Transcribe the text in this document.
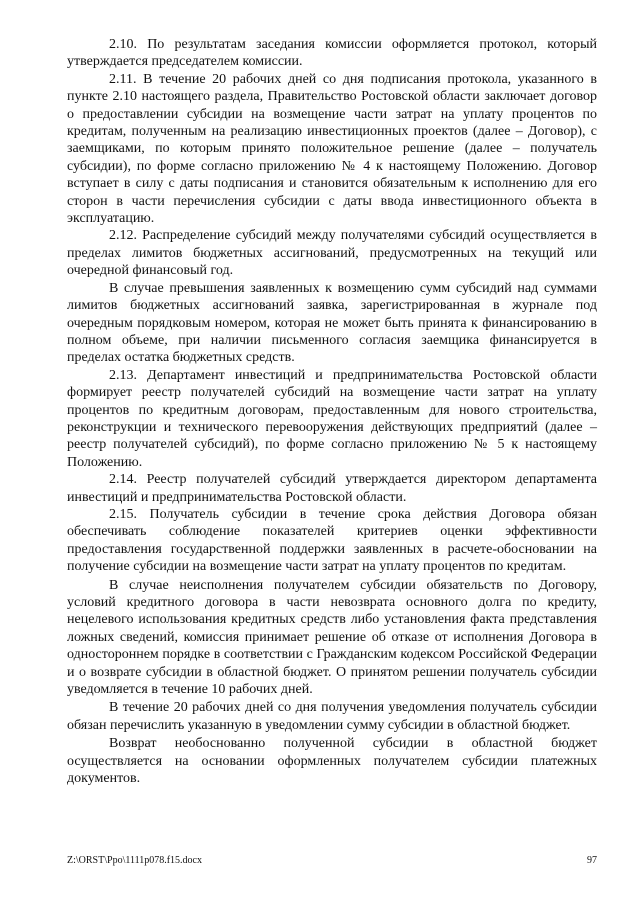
2.10. По результатам заседания комиссии оформляется протокол, который утверждается председателем комиссии.

2.11. В течение 20 рабочих дней со дня подписания протокола, указанного в пункте 2.10 настоящего раздела, Правительство Ростовской области заключает договор о предоставлении субсидии на возмещение части затрат на уплату процентов по кредитам, полученным на реализацию инвестиционных проектов (далее – Договор), с заемщиками, по которым принято положительное решение (далее – получатель субсидии), по форме согласно приложению № 4 к настоящему Положению. Договор вступает в силу с даты подписания и становится обязательным к исполнению для его сторон в части перечисления субсидии с даты ввода инвестиционного объекта в эксплуатацию.

2.12. Распределение субсидий между получателями субсидий осуществляется в пределах лимитов бюджетных ассигнований, предусмотренных на текущий или очередной финансовый год.

В случае превышения заявленных к возмещению сумм субсидий над суммами лимитов бюджетных ассигнований заявка, зарегистрированная в журнале под очередным порядковым номером, которая не может быть принята к финансированию в полном объеме, при наличии письменного согласия заемщика финансируется в пределах остатка бюджетных средств.

2.13. Департамент инвестиций и предпринимательства Ростовской области формирует реестр получателей субсидий на возмещение части затрат на уплату процентов по кредитным договорам, предоставленным для нового строительства, реконструкции и технического перевооружения действующих предприятий (далее – реестр получателей субсидий), по форме согласно приложению № 5 к настоящему Положению.

2.14. Реестр получателей субсидий утверждается директором департамента инвестиций и предпринимательства Ростовской области.

2.15. Получатель субсидии в течение срока действия Договора обязан обеспечивать соблюдение показателей критериев оценки эффективности предоставления государственной поддержки заявленных в расчете-обосновании на получение субсидии на возмещение части затрат на уплату процентов по кредитам.

В случае неисполнения получателем субсидии обязательств по Договору, условий кредитного договора в части невозврата основного долга по кредиту, нецелевого использования кредитных средств либо установления факта представления ложных сведений, комиссия принимает решение об отказе от исполнения Договора в одностороннем порядке в соответствии с Гражданским кодексом Российской Федерации и о возврате субсидии в областной бюджет. О принятом решении получатель субсидии уведомляется в течение 10 рабочих дней.

В течение 20 рабочих дней со дня получения уведомления получатель субсидии обязан перечислить указанную в уведомлении сумму субсидии в областной бюджет.

Возврат необоснованно полученной субсидии в областной бюджет осуществляется на основании оформленных получателем субсидии платежных документов.

Z:\ORST\Ppo\1111p078.f15.docx	97
